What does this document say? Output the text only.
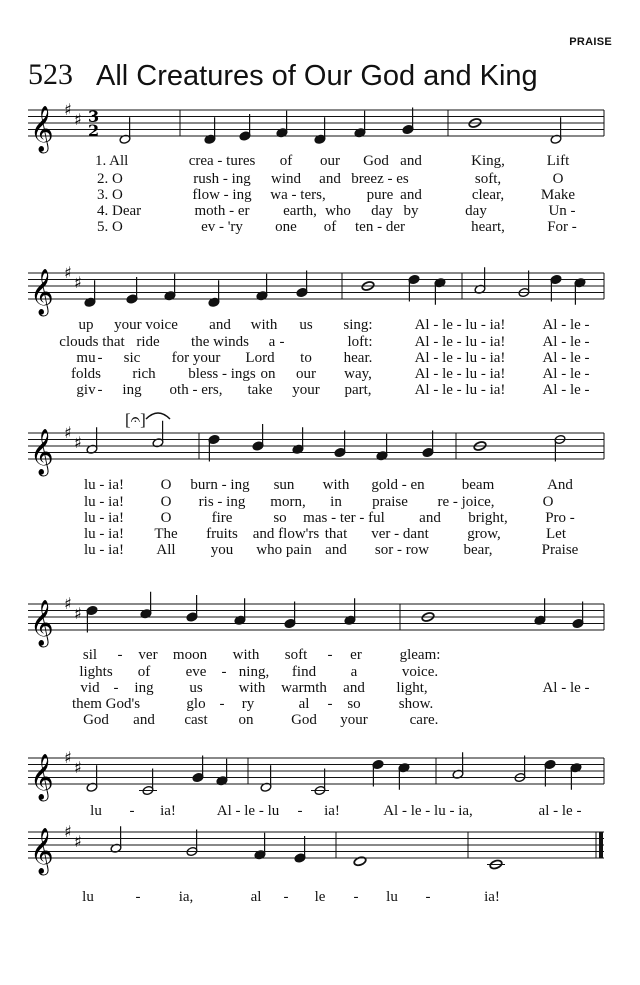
PRAISE
523 All Creatures of Our God and King
[𝄐]
𝄞 ♯
♯ 3
2
𝄞 ♯
♯
𝄞 ♯
♯
𝄞 ♯
♯
𝄞 ♯
♯
𝄞 ♯
♯
1. All	crea - tures of our God and	King,	Lift
2. O	rush - ing wind and breez - es	soft,	O
3. O	flow - ing wa - ters,	pure and	clear, Make
4. Dear	moth - er earth, who day by	day	Un -
5. O	ev - 'ry one of ten - der	heart,	For -
up your voice and with us sing:	Al - le - lu - ia! Al - le -
clouds that ride the winds a -	loft:	Al - le - lu - ia! Al - le -
mu - sic for your Lord to hear.	Al - le - lu - ia! Al - le -
folds rich bless - ings on our way,	Al - le - lu - ia! Al - le -
giv - ing oth - ers, take your part,	Al - le - lu - ia! Al - le -
lu - ia! O burn - ing sun with gold - en beam	And
lu - ia! O ris - ing morn, in praise re - joice,	O
lu - ia! O	fire	so mas - ter - ful and bright, Pro -
lu - ia! The fruits and flow'rs that ver - dant	grow,	Let
lu - ia! All you who pain and sor - row bear,	Praise
sil - ver moon with soft - er	gleam:
lights of eve - ning, find a	voice.
vid - ing us with warmth and light,	Al - le -
them God's	glo - ry	al - so	show.
God and cast on	God your	care.
lu - ia!	Al - le - lu - ia!	Al - le - lu - ia,	al - le -
lu	-	ia,	al - le - lu -	ia!
